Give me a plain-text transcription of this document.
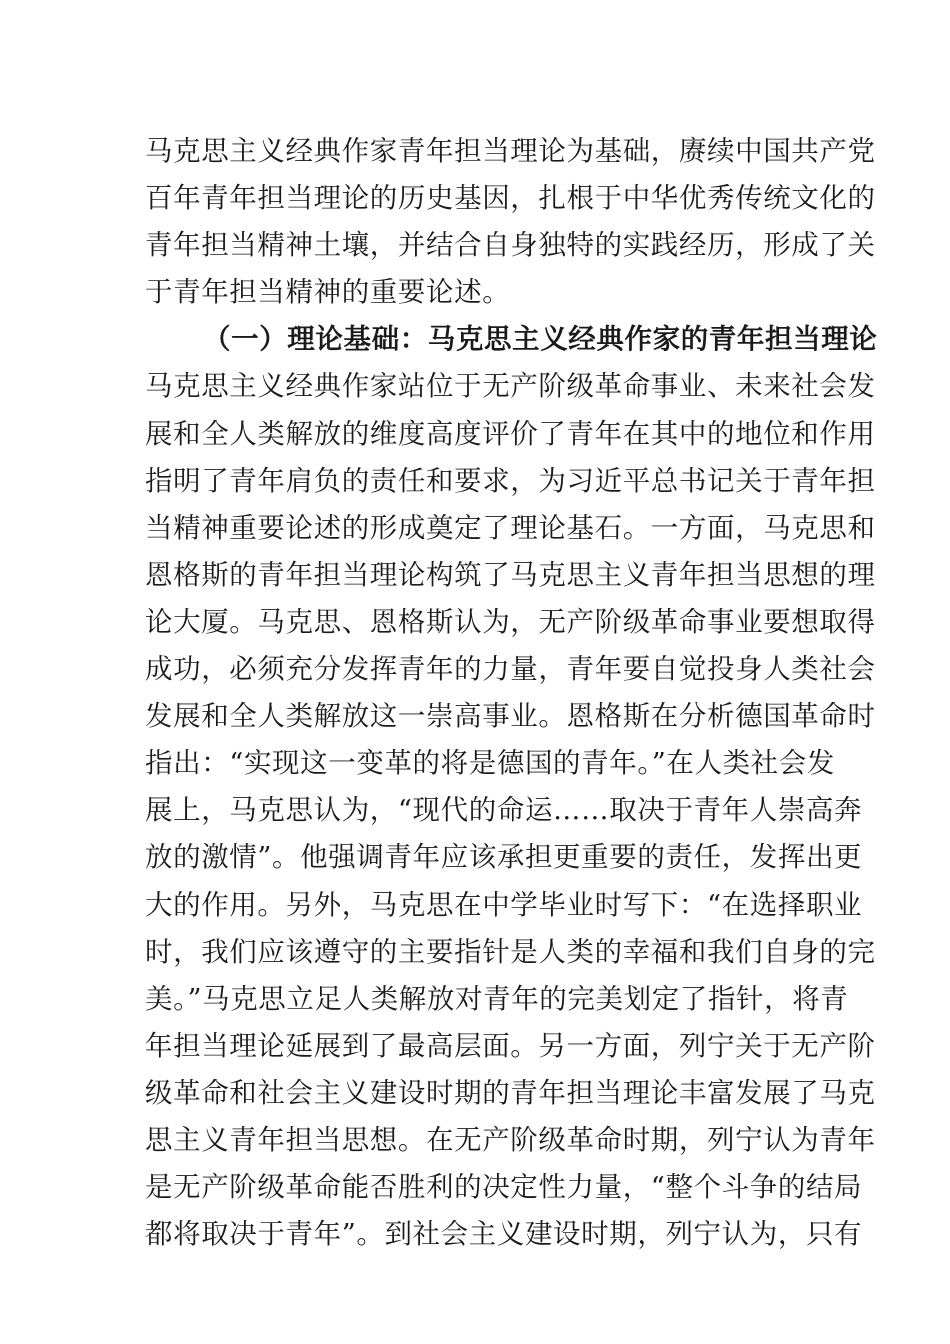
马克思主义经典作家青年担当理论为基础，赓续中国共产党
百年青年担当理论的历史基因，扎根于中华优秀传统文化的
青年担当精神土壤，并结合自身独特的实践经历，形成了关
于青年担当精神的重要论述。
（一）理论基础：马克思主义经典作家的青年担当理论
马克思主义经典作家站位于无产阶级革命事业、未来社会发
展和全人类解放的维度高度评价了青年在其中的地位和作用
指明了青年肩负的责任和要求，为习近平总书记关于青年担
当精神重要论述的形成奠定了理论基石。一方面，马克思和
恩格斯的青年担当理论构筑了马克思主义青年担当思想的理
论大厦。马克思、恩格斯认为，无产阶级革命事业要想取得
成功，必须充分发挥青年的力量，青年要自觉投身人类社会
发展和全人类解放这一崇高事业。恩格斯在分析德国革命时
指出：“实现这一变革的将是德国的青年。”在人类社会发
展上，马克思认为，“现代的命运……取决于青年人崇高奔
放的激情”。他强调青年应该承担更重要的责任，发挥出更
大的作用。另外，马克思在中学毕业时写下：“在选择职业
时，我们应该遵守的主要指针是人类的幸福和我们自身的完
美。”马克思立足人类解放对青年的完美划定了指针，将青
年担当理论延展到了最高层面。另一方面，列宁关于无产阶
级革命和社会主义建设时期的青年担当理论丰富发展了马克
思主义青年担当思想。在无产阶级革命时期，列宁认为青年
是无产阶级革命能否胜利的决定性力量，“整个斗争的结局
都将取决于青年”。到社会主义建设时期，列宁认为，只有
